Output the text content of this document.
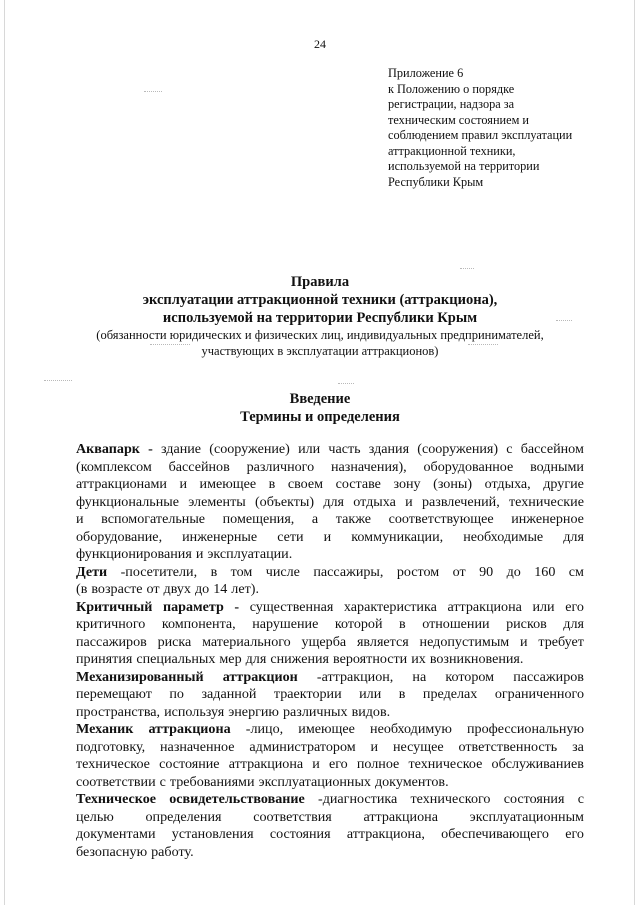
24
Приложение 6
к Положению о порядке
регистрации, надзора за
техническим состоянием и
соблюдением правил эксплуатации
аттракционной техники,
используемой на территории
Республики Крым
Правила
эксплуатации аттракционной техники (аттракциона),
используемой на территории Республики Крым
(обязанности юридических и физических лиц, индивидуальных предпринимателей,
участвующих в эксплуатации аттракционов)
Введение
Термины и определения
Аквапарк - здание (сооружение) или часть здания (сооружения) с бассейном
(комплексом бассейнов различного назначения), оборудованное водными
аттракционами и имеющее в своем составе зону (зоны) отдыха, другие
функциональные элементы (объекты) для отдыха и развлечений, технические
и вспомогательные помещения, а также соответствующее инженерное
оборудование, инженерные сети и коммуникации, необходимые для
функционирования и эксплуатации.
Дети -посетители, в том числе пассажиры, ростом от 90 до 160 см
(в возрасте от двух до 14 лет).
Критичный параметр - существенная характеристика аттракциона или его
критичного компонента, нарушение которой в отношении рисков для
пассажиров риска материального ущерба является недопустимым и требует
принятия специальных мер для снижения вероятности их возникновения.
Механизированный аттракцион -аттракцион, на котором пассажиров
перемещают по заданной траектории или в пределах ограниченного
пространства, используя энергию различных видов.
Механик аттракциона -лицо, имеющее необходимую профессиональную
подготовку, назначенное администратором и несущее ответственность за
техническое состояние аттракциона и его полное техническое обслуживаниев
соответствии с требованиями эксплуатационных документов.
Техническое освидетельствование -диагностика технического состояния с
целью определения соответствия аттракциона эксплуатационным
документами установления состояния аттракциона, обеспечивающего его
безопасную работу.
